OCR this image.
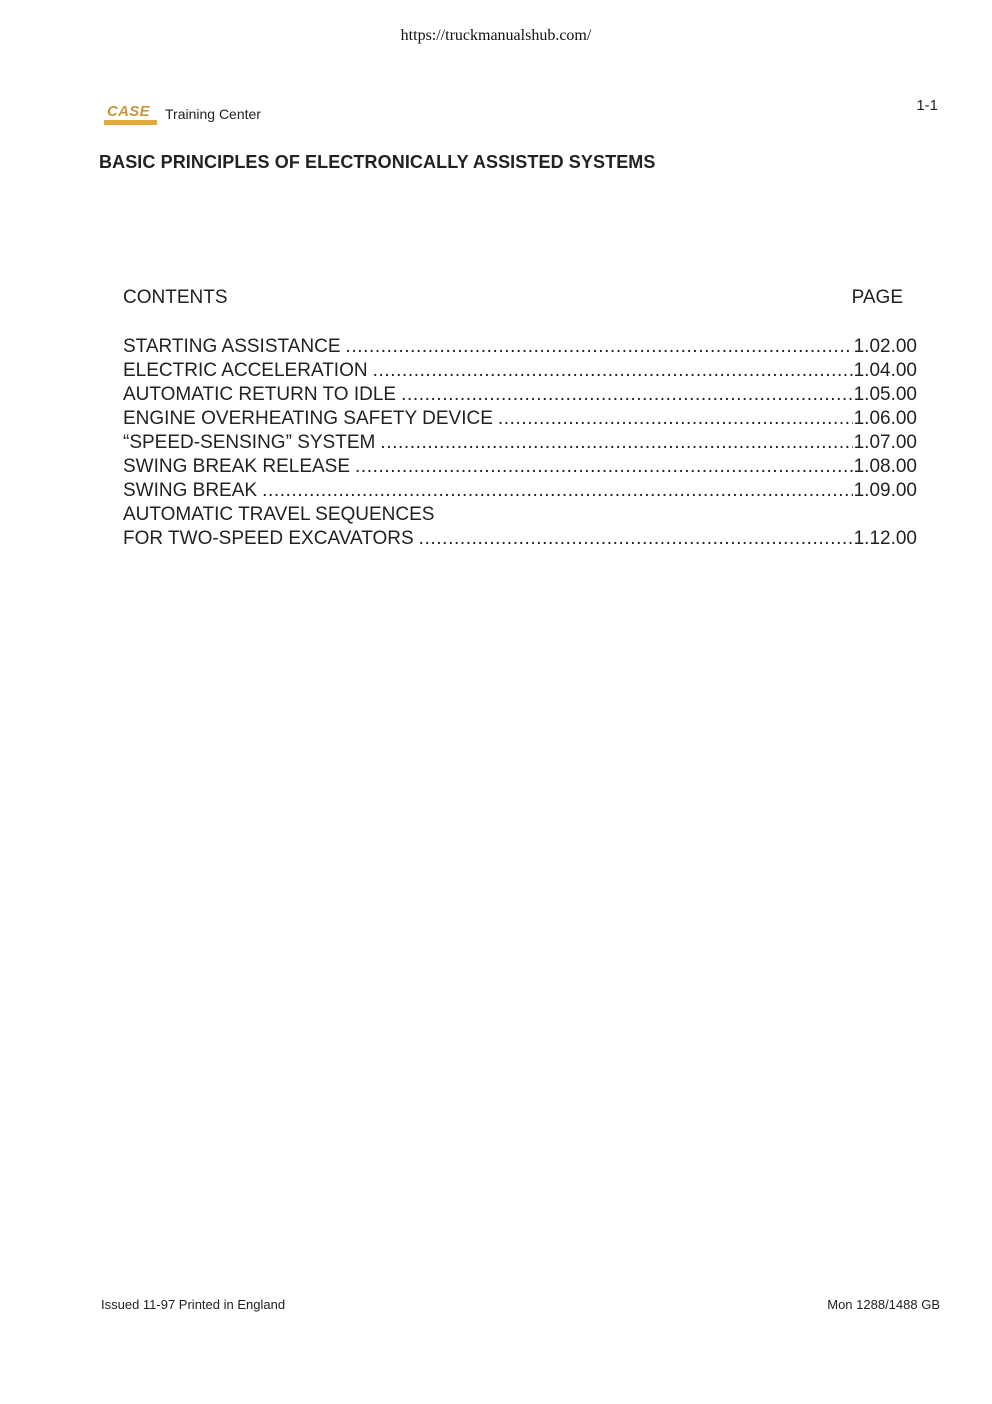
https://truckmanualshub.com/
CASE Training Center	1-1
BASIC PRINCIPLES OF ELECTRONICALLY ASSISTED SYSTEMS
CONTENTS	PAGE
STARTING ASSISTANCE .....	1.02.00
ELECTRIC ACCELERATION .....	1.04.00
AUTOMATIC RETURN TO IDLE .....	1.05.00
ENGINE OVERHEATING SAFETY DEVICE .....	1.06.00
“SPEED-SENSING” SYSTEM .....	1.07.00
SWING BREAK RELEASE .....	1.08.00
SWING BREAK .....	1.09.00
AUTOMATIC TRAVEL SEQUENCES
FOR TWO-SPEED EXCAVATORS .....	1.12.00
Issued 11-97 Printed in England	Mon 1288/1488 GB
